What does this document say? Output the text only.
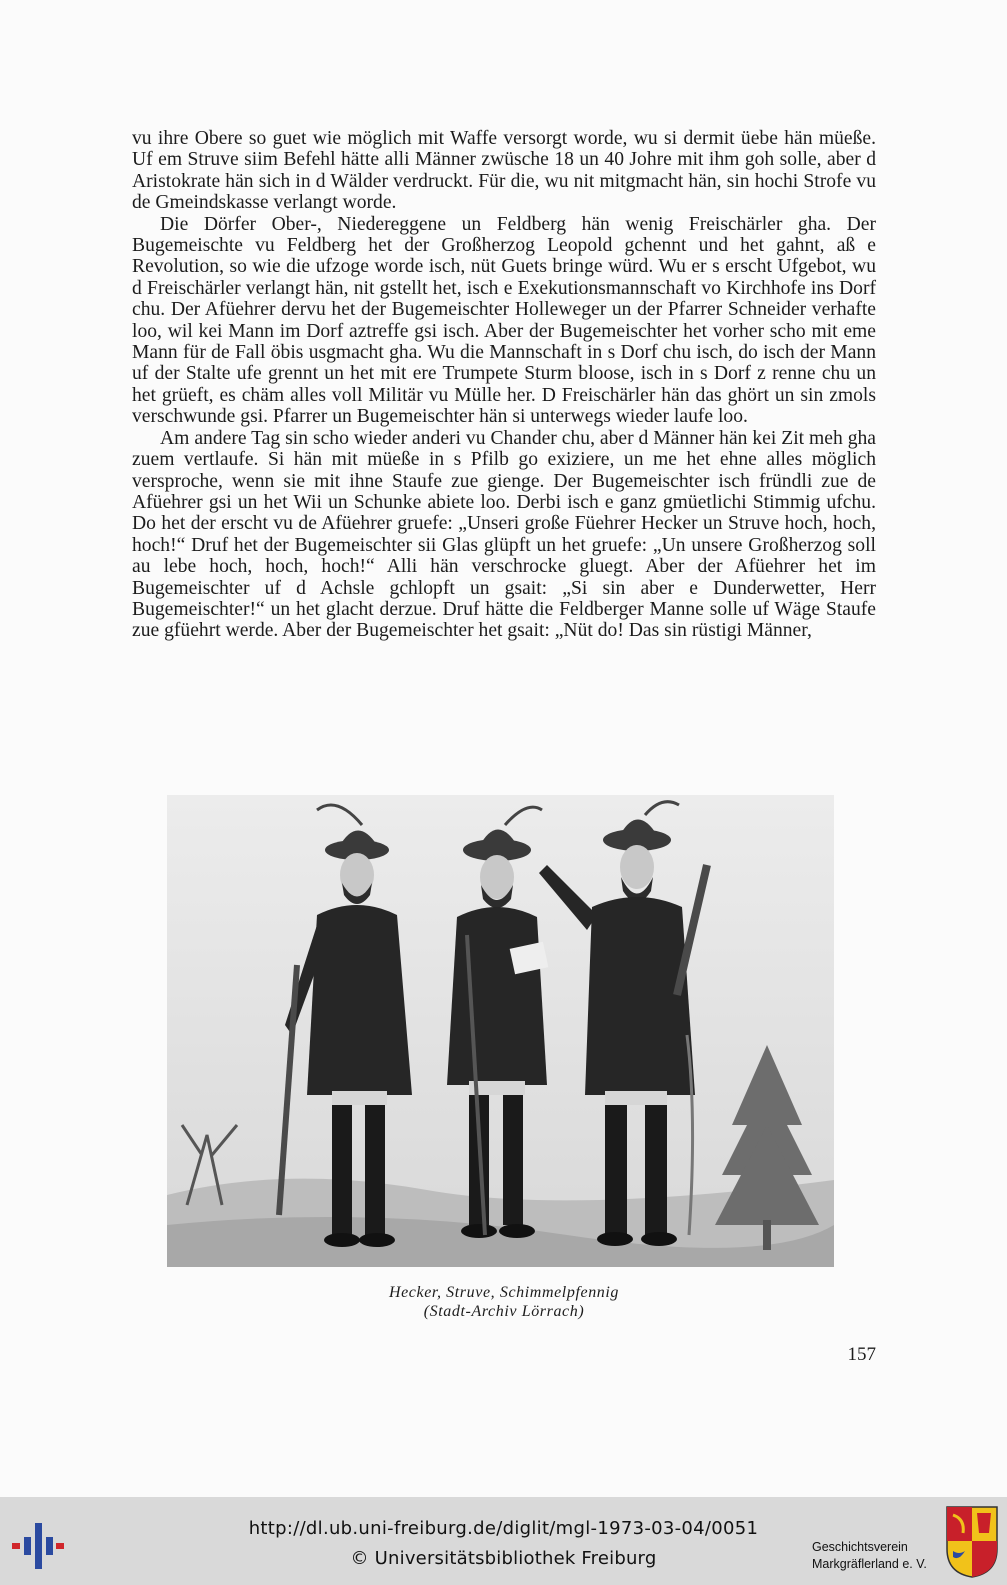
vu ihre Obere so guet wie möglich mit Waffe versorgt worde, wu si dermit üebe hän müeße. Uf em Struve siim Befehl hätte alli Männer zwüsche 18 un 40 Johre mit ihm goh solle, aber d Aristokrate hän sich in d Wälder verdruckt. Für die, wu nit mitgmacht hän, sin hochi Strofe vu de Gmeindskasse verlangt worde.

Die Dörfer Ober-, Niedereggene un Feldberg hän wenig Freischärler gha. Der Bugemeischte vu Feldberg het der Großherzog Leopold gchennt und het gahnt, aß e Revolution, so wie die ufzoge worde isch, nüt Guets bringe würd. Wu er s erscht Ufgebot, wu d Freischärler verlangt hän, nit gstellt het, isch e Exekutionsmannschaft vo Kirchhofe ins Dorf chu. Der Afüehrer dervu het der Bugemeischter Holleweger un der Pfarrer Schneider verhafte loo, wil kei Mann im Dorf aztreffe gsi isch. Aber der Bugemeischter het vorher scho mit eme Mann für de Fall öbis usgmacht gha. Wu die Mannschaft in s Dorf chu isch, do isch der Mann uf der Stalte ufe grennt un het mit ere Trumpete Sturm bloose, isch in s Dorf z renne chu un het grüeft, es chäm alles voll Militär vu Mülle her. D Freischärler hän das ghört un sin zmols verschwunde gsi. Pfarrer un Bugemeischter hän si unterwegs wieder laufe loo.

Am andere Tag sin scho wieder anderi vu Chander chu, aber d Männer hän kei Zit meh gha zuem vertlaufe. Si hän mit müeße in s Pfilb go exiziere, un me het ehne alles möglich versproche, wenn sie mit ihne Staufe zue gienge. Der Bugemeischter isch fründli zue de Afüehrer gsi un het Wii un Schunke abiete loo. Derbi isch e ganz gmüetlichi Stimmig ufchu. Do het der erscht vu de Afüehrer gruefe: „Unseri große Füehrer Hecker un Struve hoch, hoch, hoch!“ Druf het der Bugemeischter sii Glas glüpft un het gruefe: „Un unsere Großherzog soll au lebe hoch, hoch, hoch!“ Alli hän verschrocke gluegt. Aber der Afüehrer het im Bugemeischter uf d Achsle gchlopft un gsait: „Si sin aber e Dunderwetter, Herr Bugemeischter!“ un het glacht derzue. Druf hätte die Feldberger Manne solle uf Wäge Staufe zue gfüehrt werde. Aber der Bugemeischter het gsait: „Nüt do! Das sin rüstigi Männer,

Hecker, Struve, Schimmelpfennig
(Stadt-Archiv Lörrach)
157
http://dl.ub.uni-freiburg.de/diglit/mgl-1973-03-04/0051
© Universitätsbibliothek Freiburg
Geschichtsverein
Markgräflerland e. V.
